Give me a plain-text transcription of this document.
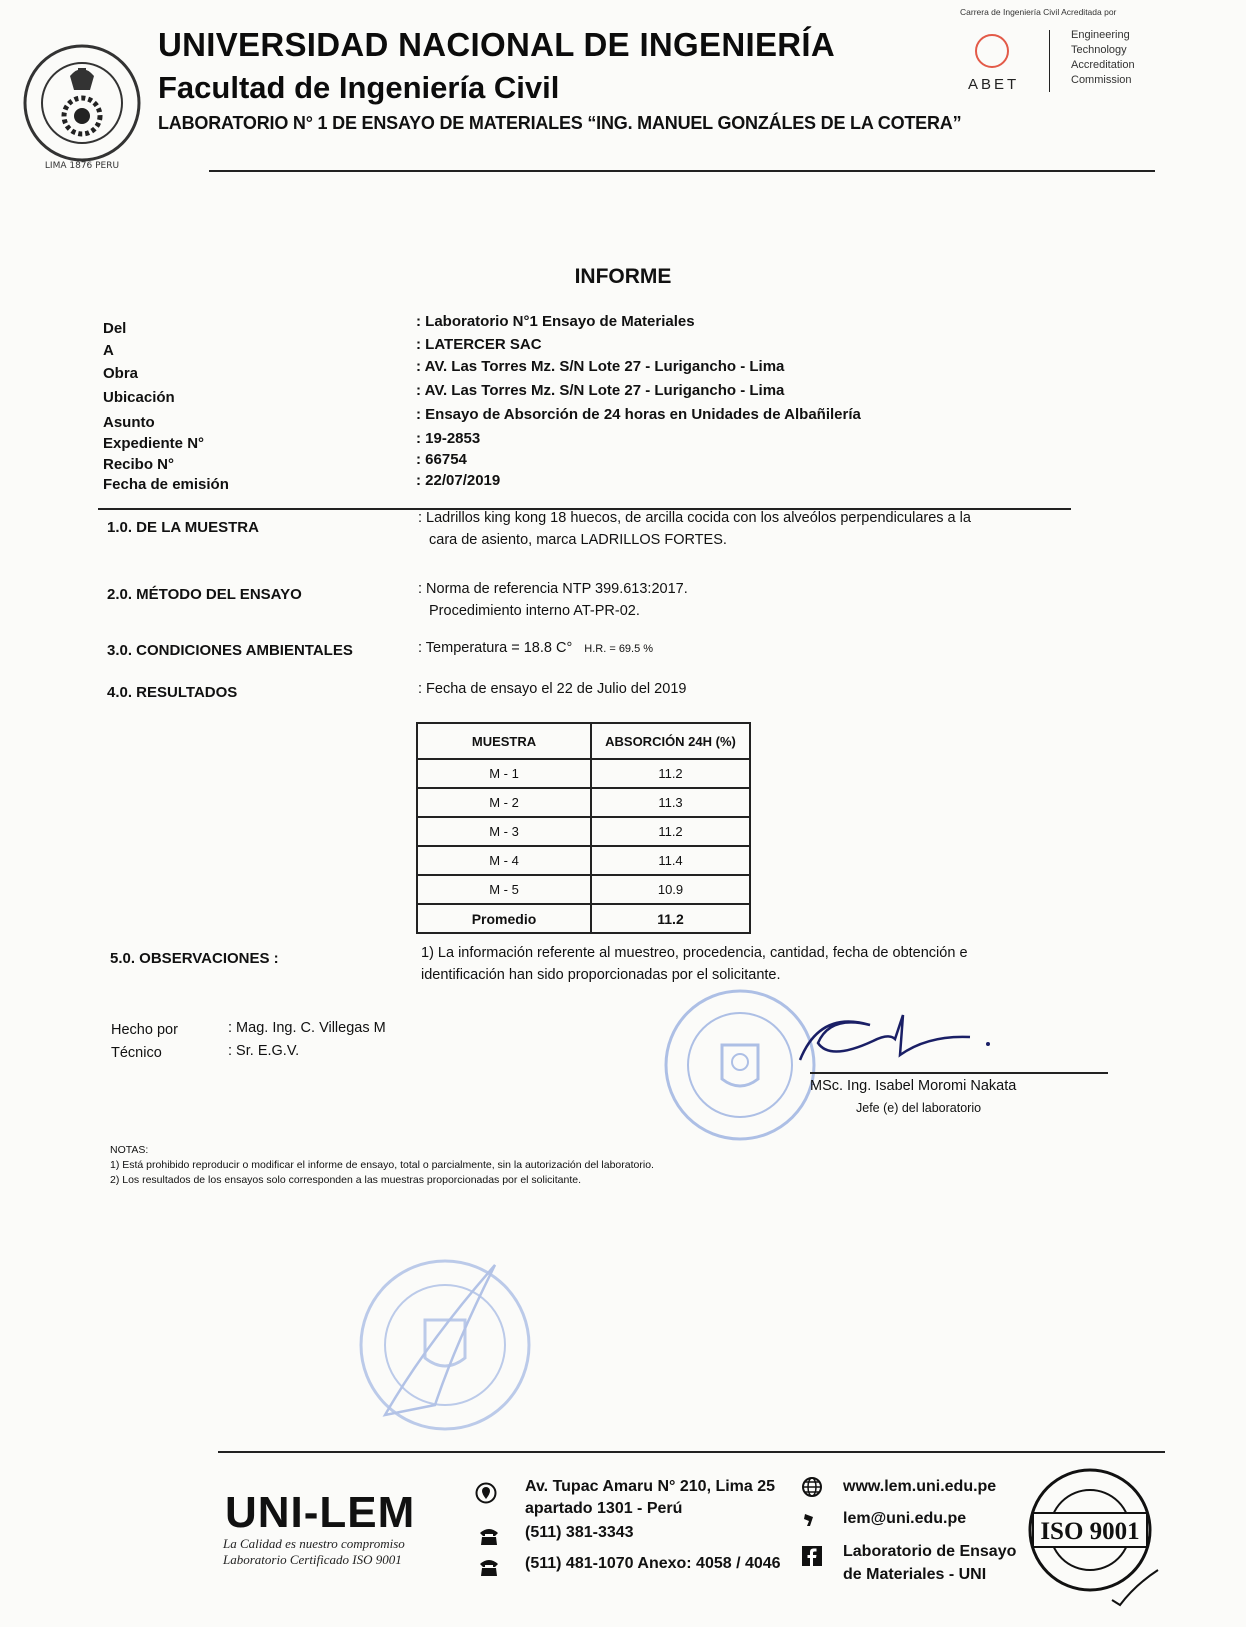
LIMA 1876 PERU
UNIVERSIDAD NACIONAL DE INGENIERÍA
Facultad de Ingeniería Civil
LABORATORIO N° 1 DE ENSAYO DE MATERIALES “ING. MANUEL GONZÁLES DE LA COTERA”
Carrera de Ingeniería Civil Acreditada por
ABET
Engineering
Technology
Accreditation
Commission
INFORME
Del	: Laboratorio N°1 Ensayo de Materiales
A	: LATERCER SAC
Obra	: AV. Las Torres Mz. S/N Lote 27 - Lurigancho - Lima
Ubicación	: AV. Las Torres Mz. S/N Lote 27 - Lurigancho - Lima
Asunto	: Ensayo de Absorción de 24 horas en Unidades de Albañilería
Expediente N°	: 19-2853
Recibo N°	: 66754
Fecha de emisión	: 22/07/2019
1.0. DE LA MUESTRA
: Ladrillos king kong 18 huecos, de arcilla cocida con los alveólos perpendiculares a la
cara de asiento, marca LADRILLOS FORTES.
2.0. MÉTODO DEL ENSAYO	: Norma de referencia NTP 399.613:2017.
Procedimiento interno AT-PR-02.
3.0. CONDICIONES AMBIENTALES	: Temperatura = 18.8 C° H.R. = 69.5 %
4.0. RESULTADOS	: Fecha de ensayo el 22 de Julio del 2019
MUESTRA	ABSORCIÓN 24H (%)
M - 1	11.2
M - 2	11.3
M - 3	11.2
M - 4	11.4
M - 5	10.9
Promedio	11.2
5.0. OBSERVACIONES :	1) La información referente al muestreo, procedencia, cantidad, fecha de obtención e
identificación han sido proporcionadas por el solicitante.
Hecho por	: Mag. Ing. C. Villegas M
Técnico	: Sr. E.G.V.
MSc. Ing. Isabel Moromi Nakata
Jefe (e) del laboratorio
NOTAS:
1) Está prohibido reproducir o modificar el informe de ensayo, total o parcialmente, sin la autorización del laboratorio.
2) Los resultados de los ensayos solo corresponden a las muestras proporcionadas por el solicitante.
UNI-LEM
La Calidad es nuestro compromiso
Laboratorio Certificado ISO 9001
Av. Tupac Amaru N° 210, Lima 25
apartado 1301 - Perú
(511) 381-3343
(511) 481-1070 Anexo: 4058 / 4046
www.lem.uni.edu.pe
lem@uni.edu.pe
Laboratorio de Ensayo
de Materiales - UNI
ISO 9001
